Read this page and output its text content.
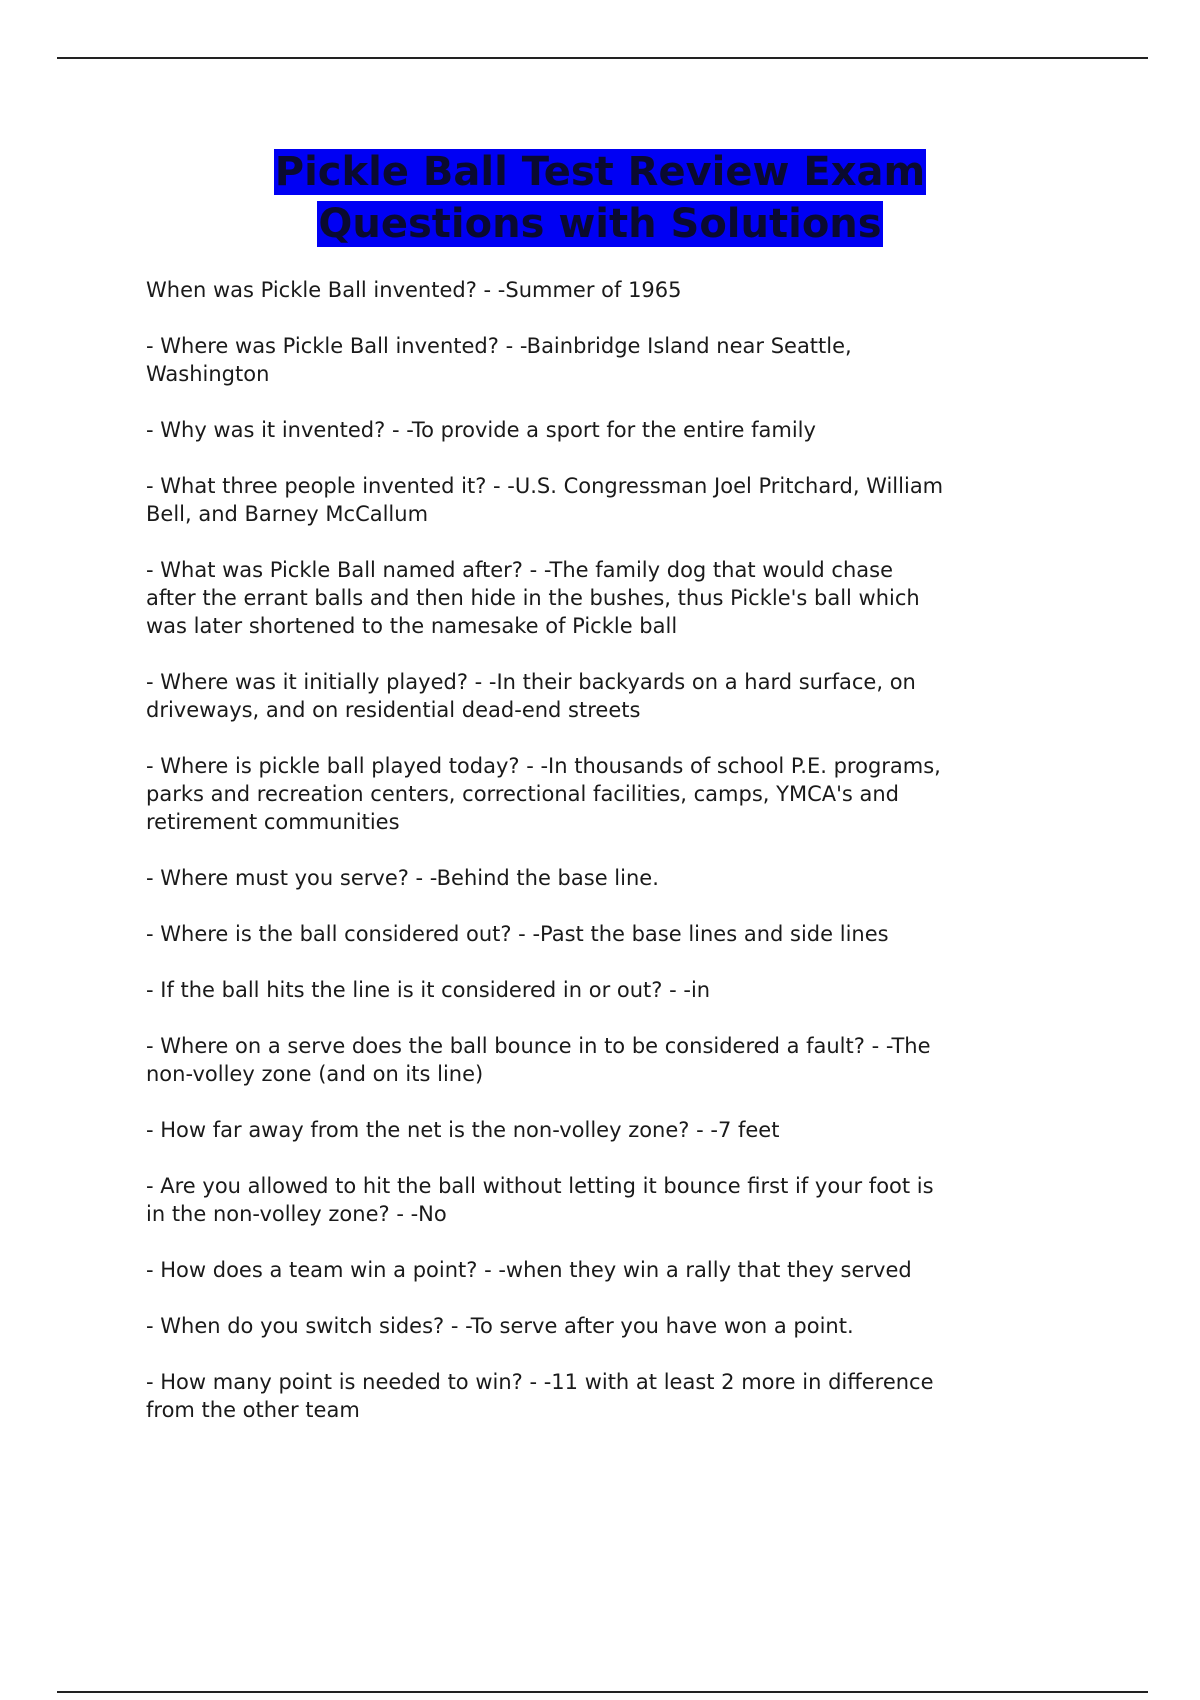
Pickle Ball Test Review Exam
Questions with Solutions
When was Pickle Ball invented? - -Summer of 1965
- Where was Pickle Ball invented? - -Bainbridge Island near Seattle,
Washington
- Why was it invented? - -To provide a sport for the entire family
- What three people invented it? - -U.S. Congressman Joel Pritchard, William
Bell, and Barney McCallum
- What was Pickle Ball named after? - -The family dog that would chase
after the errant balls and then hide in the bushes, thus Pickle's ball which
was later shortened to the namesake of Pickle ball
- Where was it initially played? - -In their backyards on a hard surface, on
driveways, and on residential dead-end streets
- Where is pickle ball played today? - -In thousands of school P.E. programs,
parks and recreation centers, correctional facilities, camps, YMCA's and
retirement communities
- Where must you serve? - -Behind the base line.
- Where is the ball considered out? - -Past the base lines and side lines
- If the ball hits the line is it considered in or out? - -in
- Where on a serve does the ball bounce in to be considered a fault? - -The
non-volley zone (and on its line)
- How far away from the net is the non-volley zone? - -7 feet
- Are you allowed to hit the ball without letting it bounce first if your foot is
in the non-volley zone? - -No
- How does a team win a point? - -when they win a rally that they served
- When do you switch sides? - -To serve after you have won a point.
- How many point is needed to win? - -11 with at least 2 more in difference
from the other team
